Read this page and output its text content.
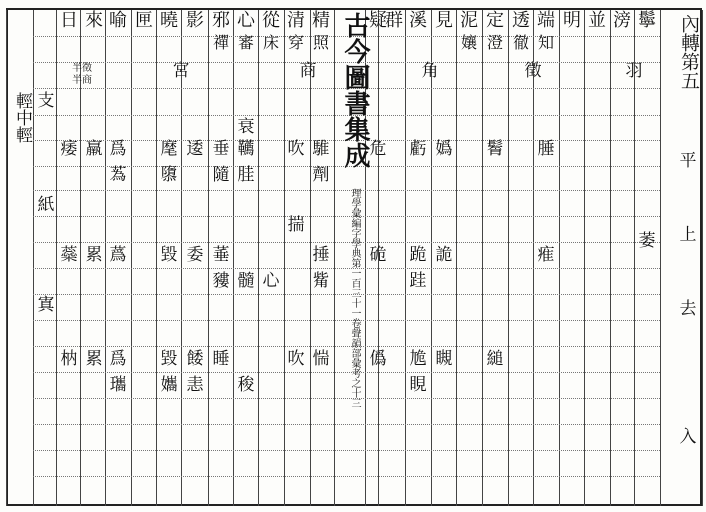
古今圖書集成
理學彙編字學典第一百三十一卷聲韻部彙考之十三
內轉第五
平
上
去
入
輕中輕
鬡
滂
並
明
端
知
透
徹
定
澄
泥
孃
見
溪
群
疑
精
照
清
穿
從
床
心
審
邪
禪
影
曉
匣
喻
來
日
羽
徵
角
商
宮
半徵
半商
萎
腄
痽
鬌
縋
嬀
詭
瞡
虧
跪
跬
尯
睍
危
硊
僞
騅
劑
捶
觜
惴
吹
揣
吹
心
衰
韉
胿
髓
稄
垂
隨
菙
䝏
睡
逶
委
餧
恚
麾
隳
毀
毀
孈
爲
蒍
蔿
爲
瓗
羸
累
累
痿
蘂
枘
支
紙
寘
